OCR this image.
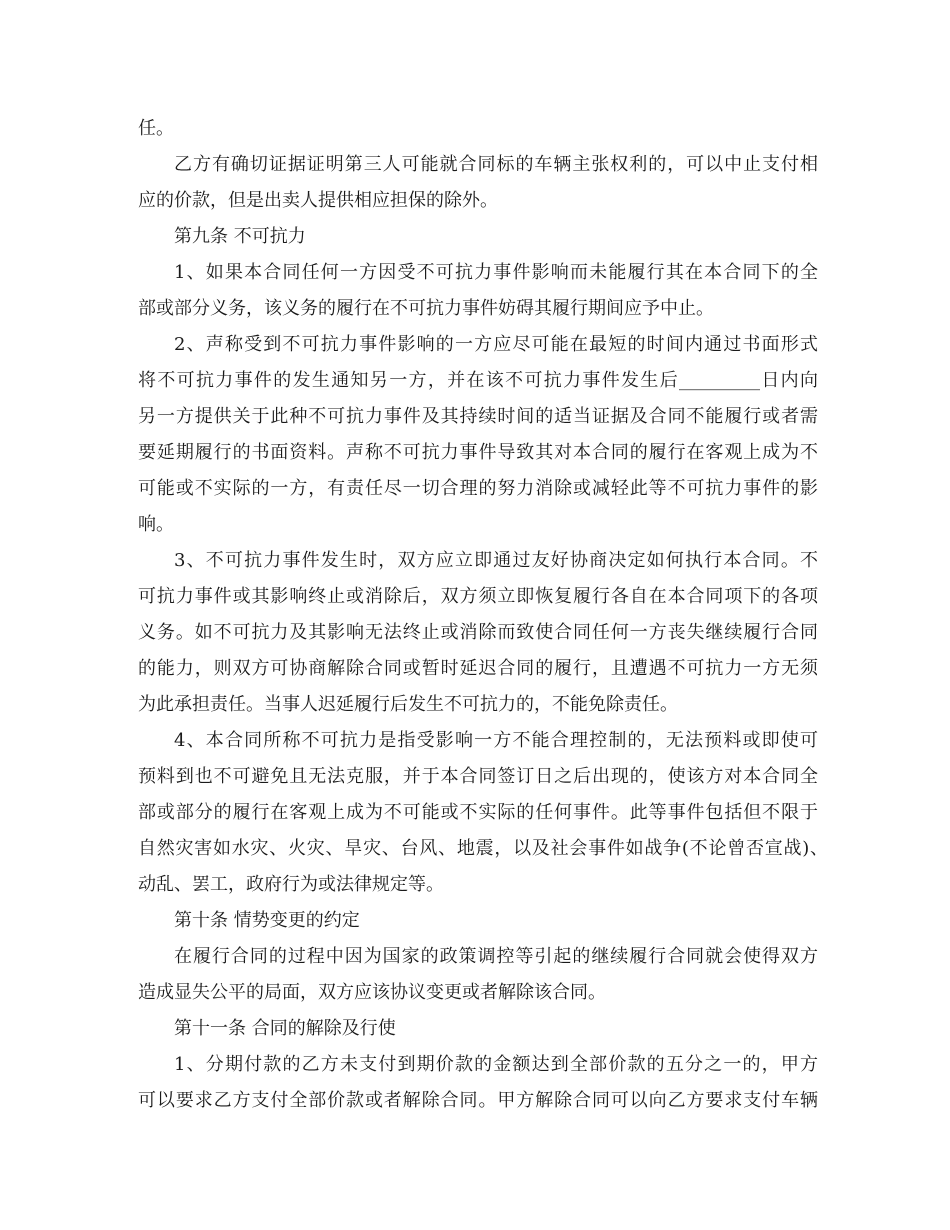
任。
乙方有确切证据证明第三人可能就合同标的车辆主张权利的，可以中止支付相
应的价款，但是出卖人提供相应担保的除外。
第九条 不可抗力
1、如果本合同任何一方因受不可抗力事件影响而未能履行其在本合同下的全
部或部分义务，该义务的履行在不可抗力事件妨碍其履行期间应予中止。
2、声称受到不可抗力事件影响的一方应尽可能在最短的时间内通过书面形式
将不可抗力事件的发生通知另一方，并在该不可抗力事件发生后_________日内向
另一方提供关于此种不可抗力事件及其持续时间的适当证据及合同不能履行或者需
要延期履行的书面资料。声称不可抗力事件导致其对本合同的履行在客观上成为不
可能或不实际的一方，有责任尽一切合理的努力消除或减轻此等不可抗力事件的影
响。
3、不可抗力事件发生时，双方应立即通过友好协商决定如何执行本合同。不
可抗力事件或其影响终止或消除后，双方须立即恢复履行各自在本合同项下的各项
义务。如不可抗力及其影响无法终止或消除而致使合同任何一方丧失继续履行合同
的能力，则双方可协商解除合同或暂时延迟合同的履行，且遭遇不可抗力一方无须
为此承担责任。当事人迟延履行后发生不可抗力的，不能免除责任。
4、本合同所称不可抗力是指受影响一方不能合理控制的，无法预料或即使可
预料到也不可避免且无法克服，并于本合同签订日之后出现的，使该方对本合同全
部或部分的履行在客观上成为不可能或不实际的任何事件。此等事件包括但不限于
自然灾害如水灾、火灾、旱灾、台风、地震，以及社会事件如战争(不论曾否宣战)、
动乱、罢工，政府行为或法律规定等。
第十条 情势变更的约定
在履行合同的过程中因为国家的政策调控等引起的继续履行合同就会使得双方
造成显失公平的局面，双方应该协议变更或者解除该合同。
第十一条 合同的解除及行使
1、分期付款的乙方未支付到期价款的金额达到全部价款的五分之一的，甲方
可以要求乙方支付全部价款或者解除合同。甲方解除合同可以向乙方要求支付车辆
